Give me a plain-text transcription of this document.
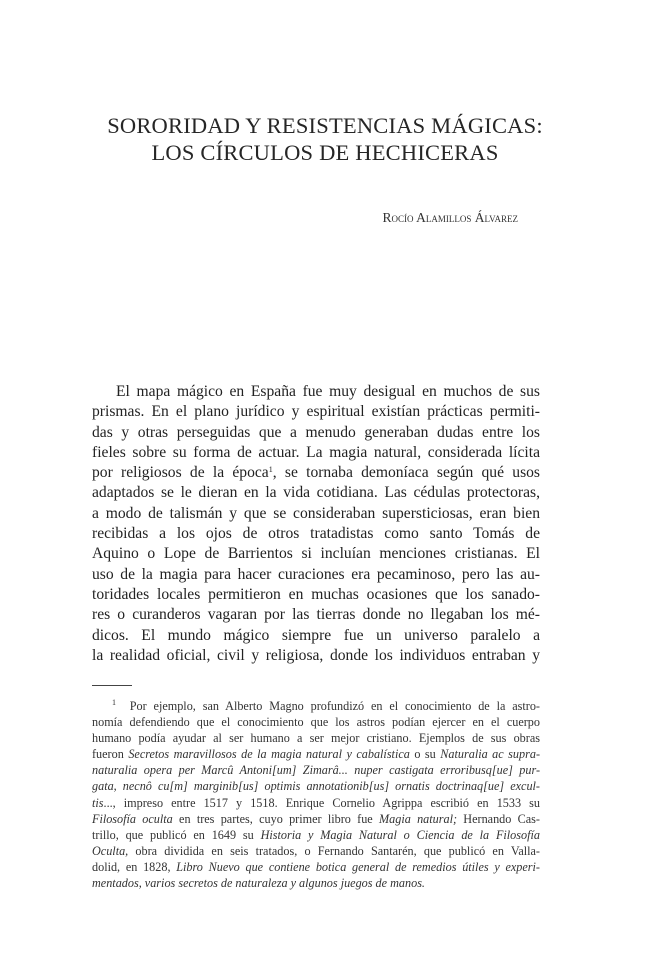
SORORIDAD Y RESISTENCIAS MÁGICAS:
LOS CÍRCULOS DE HECHICERAS
Rocío Alamillos Álvarez
El mapa mágico en España fue muy desigual en muchos de sus
prismas. En el plano jurídico y espiritual existían prácticas permiti-
das y otras perseguidas que a menudo generaban dudas entre los
fieles sobre su forma de actuar. La magia natural, considerada lícita
por religiosos de la época$^1$, se tornaba demoníaca según qué usos
adaptados se le dieran en la vida cotidiana. Las cédulas protectoras,
a modo de talismán y que se consideraban supersticiosas, eran bien
recibidas a los ojos de otros tratadistas como santo Tomás de
Aquino o Lope de Barrientos si incluían menciones cristianas. El
uso de la magia para hacer curaciones era pecaminoso, pero las au-
toridades locales permitieron en muchas ocasiones que los sanado-
res o curanderos vagaran por las tierras donde no llegaban los mé-
dicos. El mundo mágico siempre fue un universo paralelo a
la realidad oficial, civil y religiosa, donde los individuos entraban y
$^1$ Por ejemplo, san Alberto Magno profundizó en el conocimiento de la astro-
nomía defendiendo que el conocimiento que los astros podían ejercer en el cuerpo
humano podía ayudar al ser humano a ser mejor cristiano. Ejemplos de sus obras
fueron Secretos maravillosos de la magia natural y cabalística o su Naturalia ac supra-
naturalia opera per Marcû Antoni[um] Zimarâ... nuper castigata erroribusq[ue] pur-
gata, necnô cu[m] marginib[us] optimis annotationib[us] ornatis doctrinaq[ue] excul-
tis..., impreso entre 1517 y 1518. Enrique Cornelio Agrippa escribió en 1533 su
Filosofía oculta en tres partes, cuyo primer libro fue Magia natural; Hernando Cas-
trillo, que publicó en 1649 su Historia y Magia Natural o Ciencia de la Filosofía
Oculta, obra dividida en seis tratados, o Fernando Santarén, que publicó en Valla-
dolid, en 1828, Libro Nuevo que contiene botica general de remedios útiles y experi-
mentados, varios secretos de naturaleza y algunos juegos de manos.
